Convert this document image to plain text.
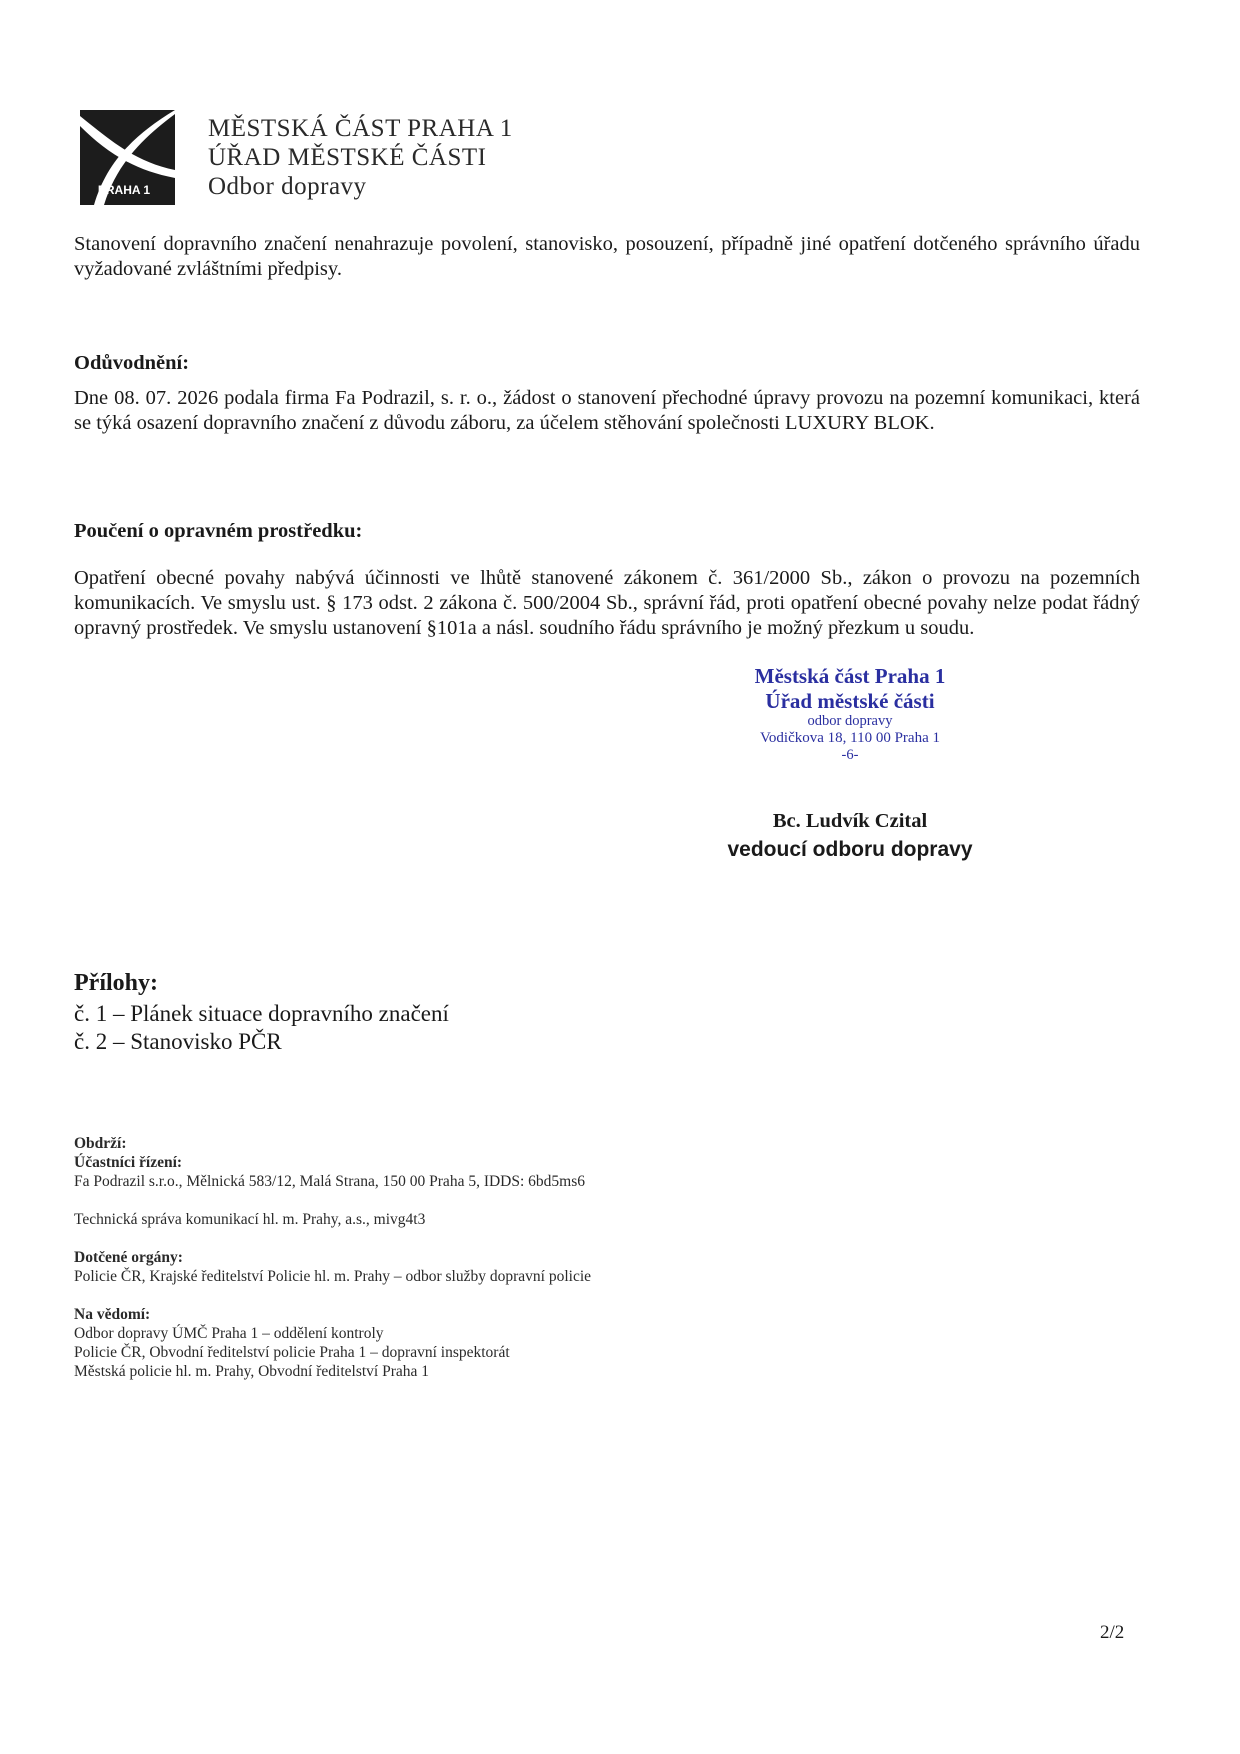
PRAHA 1
MĚSTSKÁ ČÁST PRAHA 1
ÚŘAD MĚSTSKÉ ČÁSTI
Odbor dopravy
Stanovení dopravního značení nenahrazuje povolení, stanovisko, posouzení, případně jiné opatření dotčeného správního úřadu vyžadované zvláštními předpisy.
Odůvodnění:
Dne 08. 07. 2026 podala firma Fa Podrazil, s. r. o., žádost o stanovení přechodné úpravy provozu na pozemní komunikaci, která se týká osazení dopravního značení z důvodu záboru, za účelem stěhování společnosti LUXURY BLOK.
Poučení o opravném prostředku:
Opatření obecné povahy nabývá účinnosti ve lhůtě stanovené zákonem č. 361/2000 Sb., zákon o provozu na pozemních komunikacích. Ve smyslu ust. § 173 odst. 2 zákona č. 500/2004 Sb., správní řád, proti opatření obecné povahy nelze podat řádný opravný prostředek. Ve smyslu ustanovení §101a a násl. soudního řádu správního je možný přezkum u soudu.
Městská část Praha 1
Úřad městské části
odbor dopravy
Vodičkova 18, 110 00 Praha 1
-6-
Bc. Ludvík Czital
vedoucí odboru dopravy
Přílohy:
č. 1 – Plánek situace dopravního značení
č. 2 – Stanovisko PČR
Obdrží:
Účastníci řízení:
Fa Podrazil s.r.o., Mělnická 583/12, Malá Strana, 150 00 Praha 5, IDDS: 6bd5ms6
Technická správa komunikací hl. m. Prahy, a.s., mivg4t3
Dotčené orgány:
Policie ČR, Krajské ředitelství Policie hl. m. Prahy – odbor služby dopravní policie
Na vědomí:
Odbor dopravy ÚMČ Praha 1 – oddělení kontroly
Policie ČR, Obvodní ředitelství policie Praha 1 – dopravní inspektorát
Městská policie hl. m. Prahy, Obvodní ředitelství Praha 1
2/2
